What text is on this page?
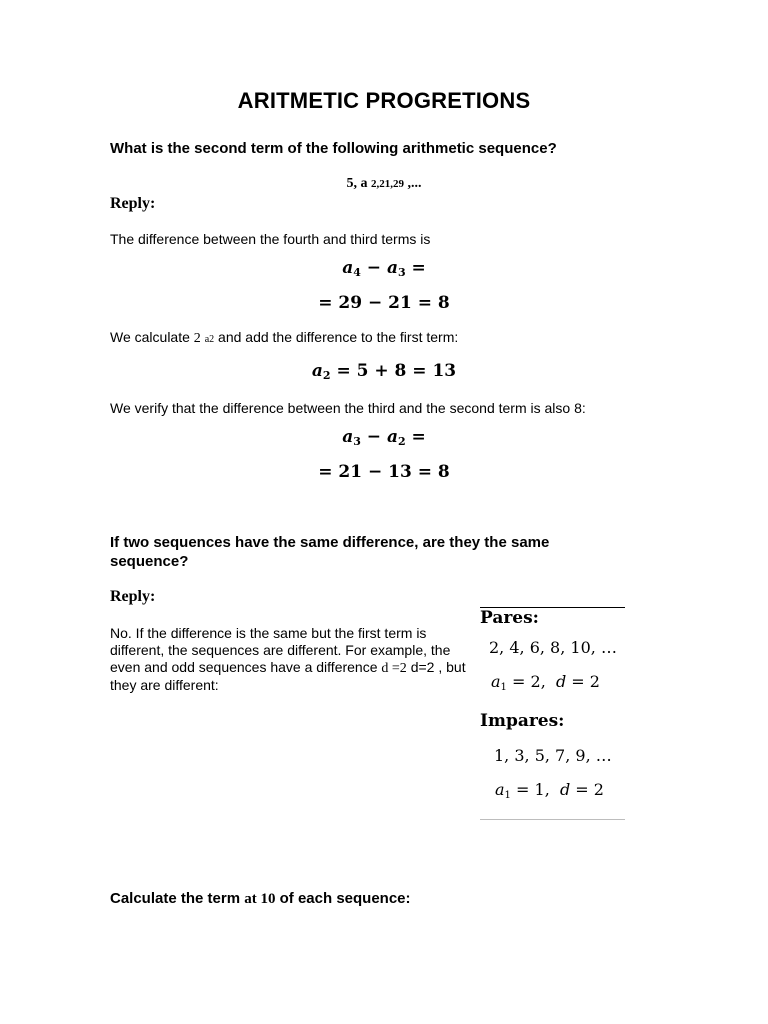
ARITMETIC PROGRETIONS

What is the second term of the following arithmetic sequence?

5, a 2,21,29 ,...

Reply:

The difference between the fourth and third terms is

$a_4 - a_3$ =

= 29 − 21 = 8

We calculate 2 a2 and add the difference to the first term:

$a_2 = 5 + 8 = 13$

We verify that the difference between the third and the second term is also 8:

$a_3 - a_2$ =

= 21 − 13 = 8

If two sequences have the same difference, are they the same sequence?

Reply:

No. If the difference is the same but the first term is different, the sequences are different. For example, the even and odd sequences have a difference d =2 d=2 , but they are different:

Pares:

2, 4, 6, 8, 10, …

$a_1 = 2$, d = 2

Impares:

1, 3, 5, 7, 9, …

$a_1 = 1$, d = 2

Calculate the term at 10 of each sequence:
